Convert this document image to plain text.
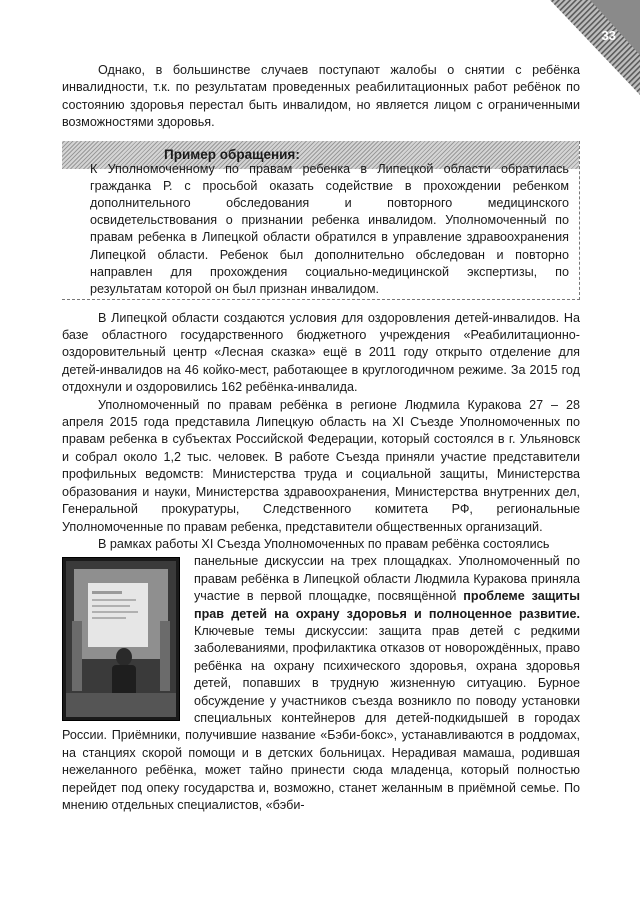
33

Однако, в большинстве случаев поступают жалобы о снятии с ребёнка инвалидности, т.к. по результатам проведенных реабилитационных работ ребёнок по состоянию здоровья перестал быть инвалидом, но является лицом с ограниченными возможностями здоровья.

Пример обращения:

К Уполномоченному по правам ребенка в Липецкой области обратилась гражданка Р. с просьбой оказать содействие в прохождении ребенком дополнительного обследования и повторного медицинского освидетельствования о признании ребенка инвалидом. Уполномоченный по правам ребенка в Липецкой области обратился в управление здравоохранения Липецкой области. Ребенок был дополнительно обследован и повторно направлен для прохождения социально-медицинской экспертизы, по результатам которой он был признан инвалидом.

В Липецкой области создаются условия для оздоровления детей-инвалидов. На базе областного государственного бюджетного учреждения «Реабилитационно-оздоровительный центр «Лесная сказка» ещё в 2011 году открыто отделение для детей-инвалидов на 46 койко-мест, работающее в круглогодичном режиме. За 2015 год отдохнули и оздоровились 162 ребёнка-инвалида.

Уполномоченный по правам ребёнка в регионе Людмила Куракова 27 – 28 апреля 2015 года представила Липецкую область на XI Съезде Уполномоченных по правам ребенка в субъектах Российской Федерации, который состоялся в г. Ульяновск и собрал около 1,2 тыс. человек. В работе Съезда приняли участие представители профильных ведомств: Министерства труда и социальной защиты, Министерства образования и науки, Министерства здравоохранения, Министерства внутренних дел, Генеральной прокуратуры, Следственного комитета РФ, региональные Уполномоченные по правам ребенка, представители общественных организаций.

В рамках работы XI Съезда Уполномоченных по правам ребёнка состоялись

панельные дискуссии на трех площадках. Уполномоченный по правам ребёнка в Липецкой области Людмила Куракова приняла участие в первой площадке, посвящённой проблеме защиты прав детей на охрану здоровья и полноценное развитие. Ключевые темы дискуссии: защита прав детей с редкими заболеваниями, профилактика отказов от новорождённых, право ребёнка на охрану психического здоровья, охрана здоровья детей, попавших в трудную жизненную ситуацию. Бурное обсуждение у участников съезда возникло по поводу установки специальных контейнеров для детей-подкидышей в городах России. Приёмники, получившие название «Бэби-бокс», устанавливаются в роддомах, на станциях скорой помощи и в детских больницах. Нерадивая мамаша, родившая нежеланного ребёнка, может тайно принести сюда младенца, который полностью перейдет под опеку государства и, возможно, станет желанным в приёмной семье. По мнению отдельных специалистов, «бэби-
